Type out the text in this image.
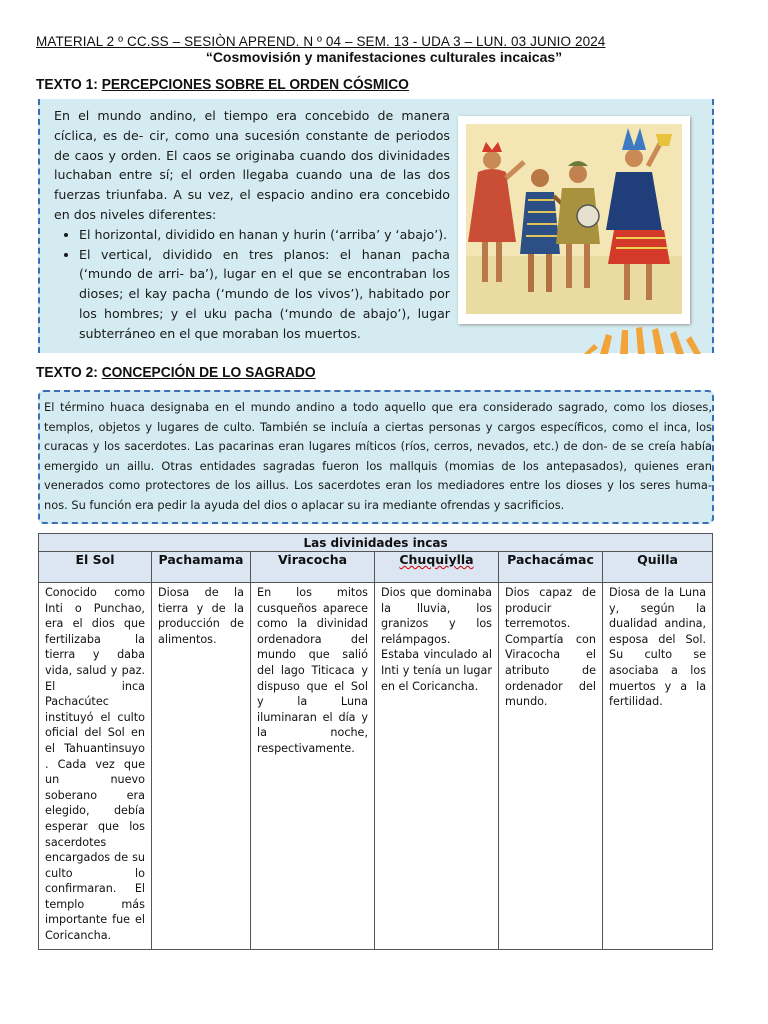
MATERIAL 2 º CC.SS – SESIÒN APREND. N º 04 – SEM. 13 - UDA 3 – LUN. 03 JUNIO 2024
“Cosmovisión y manifestaciones culturales incaicas”
TEXTO 1: PERCEPCIONES SOBRE EL ORDEN CÓSMICO

En el mundo andino, el tiempo era concebido de manera cíclica, es de- cir, como una sucesión constante de periodos de caos y orden. El caos se originaba cuando dos divinidades luchaban entre sí; el orden llegaba cuando una de las dos fuerzas triunfaba. A su vez, el espacio andino era concebido en dos niveles diferentes:

• El horizontal, dividido en hanan y hurin (‘arriba’ y ‘abajo’).
• El vertical, dividido en tres planos: el hanan pacha (‘mundo de arri- ba’), lugar en el que se encontraban los dioses; el kay pacha (‘mundo de los vivos’), habitado por los hombres; y el uku pacha (‘mundo de abajo’), lugar subterráneo en el que moraban los muertos.
TEXTO 2: CONCEPCIÓN DE LO SAGRADO

El término huaca designaba en el mundo andino a todo aquello que era considerado sagrado, como los dioses, templos, objetos y lugares de culto. También se incluía a ciertas personas y cargos específicos, como el inca, los curacas y los sacerdotes. Las pacarinas eran lugares míticos (ríos, cerros, nevados, etc.) de don- de se creía había emergido un aillu. Otras entidades sagradas fueron los mallquis (momias de los antepasados), quienes eran venerados como protectores de los aillus. Los sacerdotes eran los mediadores entre los dioses y los seres huma- nos. Su función era pedir la ayuda del dios o aplacar su ira mediante ofrendas y sacrificios.

Las divinidades incas					
El Sol	Pachamama	Viracocha	Chuquiylla	Pachacámac	Quilla
Conocido como Inti o Punchao, era el dios que fertilizaba la tierra y daba vida, salud y paz. El inca Pachacútec instituyó el culto oficial del Sol en el Tahuantinsuyo . Cada vez que un nuevo soberano era elegido, debía esperar que los sacerdotes encargados de su culto lo confirmaran. El templo más importante fue el Coricancha.	Diosa de la tierra y de la producción de alimentos.	En los mitos cusqueños aparece como la divinidad ordenadora del mundo que salió del lago Titicaca y dispuso que el Sol y la Luna iluminaran el día y la noche, respectivamente.	Dios que dominaba la lluvia, los granizos y los relámpagos. Estaba vinculado al Inti y tenía un lugar en el Coricancha.	Dios capaz de producir terremotos. Compartía con Viracocha el atributo de ordenador del mundo.	Diosa de la Luna y, según la dualidad andina, esposa del Sol. Su culto se asociaba a los muertos y a la fertilidad.
